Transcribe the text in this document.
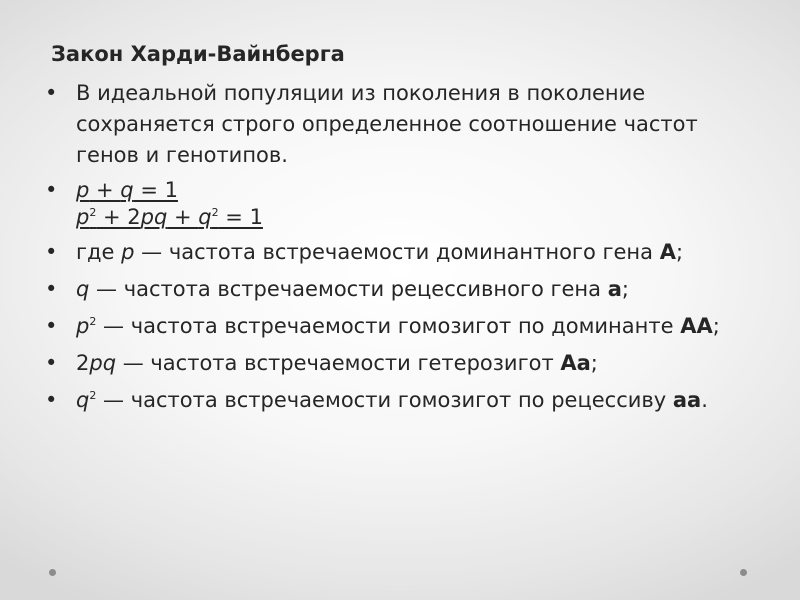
Закон Харди-Вайнберга
• В идеальной популяции из поколения в поколение сохраняется строго определенное соотношение частот генов и генотипов.
• p + q = 1
$p^2 + 2pq + q^2 = 1$
• где p — частота встречаемости доминантного гена А;
• q — частота встречаемости рецессивного гена а;
• $p^2$ — частота встречаемости гомозигот по доминанте АА;
• 2pq — частота встречаемости гетерозигот Аа;
• $q^2$ — частота встречаемости гомозигот по рецессиву аа.
